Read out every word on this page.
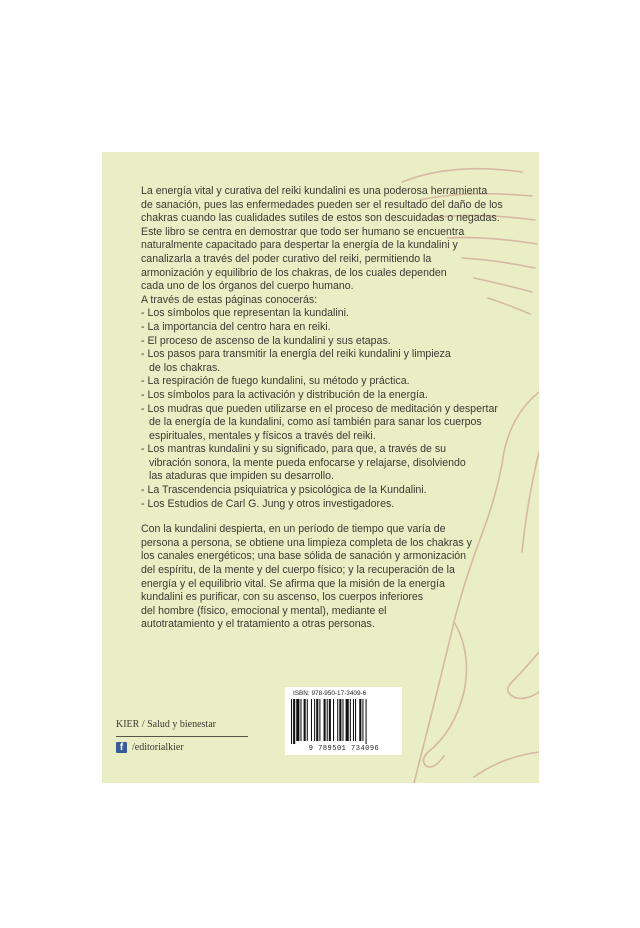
La energía vital y curativa del reiki kundalini es una poderosa herramienta

de sanación, pues las enfermedades pueden ser el resultado del daño de los

chakras cuando las cualidades sutiles de estos son descuidadas o negadas.

Este libro se centra en demostrar que todo ser humano se encuentra

naturalmente capacitado para despertar la energía de la kundalini y

canalizarla a través del poder curativo del reiki, permitiendo la

armonización y equilibrio de los chakras, de los cuales dependen

cada uno de los órganos del cuerpo humano.

A través de estas páginas conocerás:

- Los símbolos que representan la kundalini.
- La importancia del centro hara en reiki.
- El proceso de ascenso de la kundalini y sus etapas.
- Los pasos para transmitir la energía del reiki kundalini y limpieza
de los chakras.
- La respiración de fuego kundalini, su método y práctica.
- Los símbolos para la activación y distribución de la energía.
- Los mudras que pueden utilizarse en el proceso de meditación y despertar
de la energía de la kundalini, como así también para sanar los cuerpos
espirituales, mentales y físicos a través del reiki.
- Los mantras kundalini y su significado, para que, a través de su
vibración sonora, la mente pueda enfocarse y relajarse, disolviendo
las ataduras que impiden su desarrollo.
- La Trascendencia psiquiatrica y psicológica de la Kundalini.
- Los Estudios de Carl G. Jung y otros investigadores.

Con la kundalini despierta, en un período de tiempo que varía de

persona a persona, se obtiene una limpieza completa de los chakras y

los canales energéticos; una base sólida de sanación y armonización

del espíritu, de la mente y del cuerpo físico; y la recuperación de la

energía y el equilibrio vital. Se afirma que la misión de la energía

kundalini es purificar, con su ascenso, los cuerpos inferiores

del hombre (físico, emocional y mental), mediante el

autotratamiento y el tratamiento a otras personas.

KIER / Salud y bienestar
f /editorialkier
ISBN: 978-950-17-3409-6
9 789501 734096
